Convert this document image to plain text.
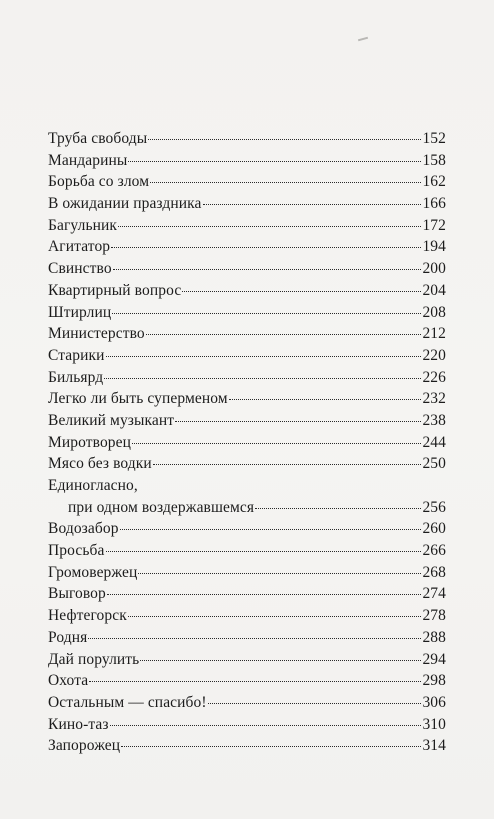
Труба свободы	152
Мандарины	158
Борьба со злом	162
В ожидании праздника	166
Багульник	172
Агитатор	194
Свинство	200
Квартирный вопрос	204
Штирлиц	208
Министерство	212
Старики	220
Бильярд	226
Легко ли быть суперменом	232
Великий музыкант	238
Миротворец	244
Мясо без водки	250
Единогласно,
при одном воздержавшемся	256
Водозабор	260
Просьба	266
Громовержец	268
Выговор	274
Нефтегорск	278
Родня	288
Дай порулить	294
Охота	298
Остальным — спасибо!	306
Кино-таз	310
Запорожец	314
